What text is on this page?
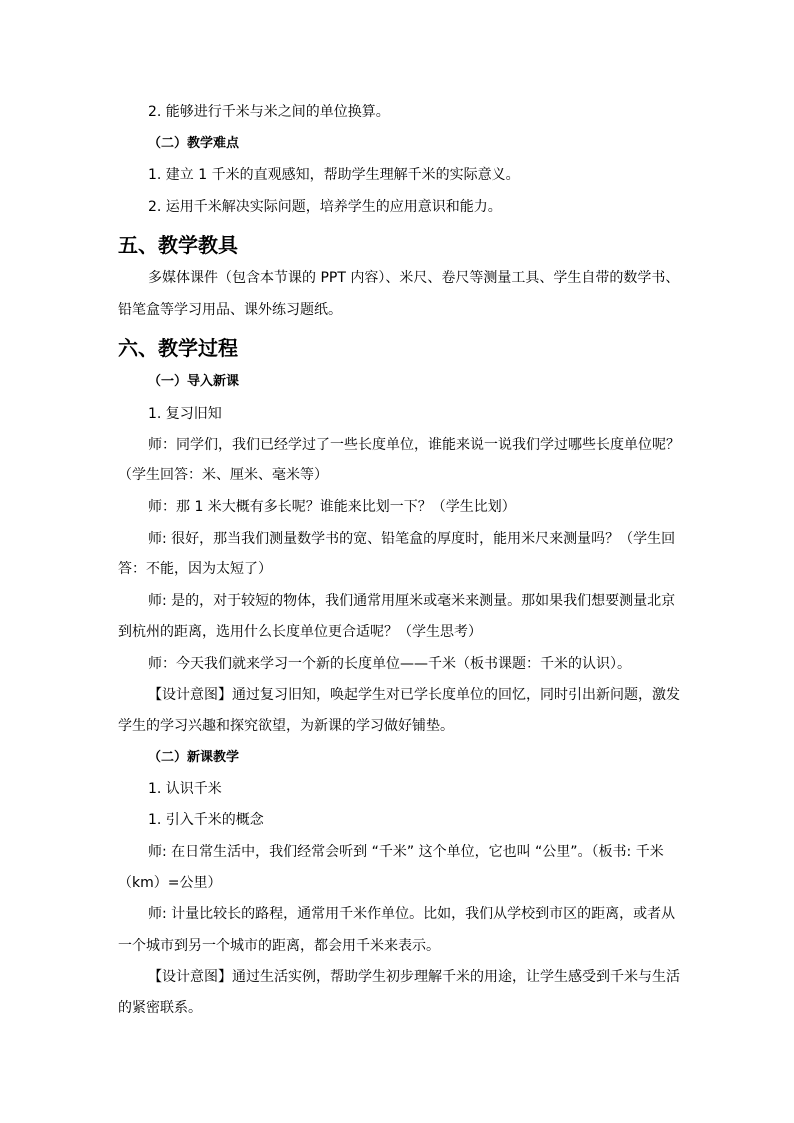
2. 能够进行千米与米之间的单位换算。
（二）教学难点
1. 建立 1 千米的直观感知，帮助学生理解千米的实际意义。
2. 运用千米解决实际问题，培养学生的应用意识和能力。
五、教学教具
多媒体课件（包含本节课的 PPT 内容）、米尺、卷尺等测量工具、学生自带的数学书、
铅笔盒等学习用品、课外练习题纸。
六、教学过程
（一）导入新课
1. 复习旧知
师：同学们，我们已经学过了一些长度单位，谁能来说一说我们学过哪些长度单位呢？
（学生回答：米、厘米、毫米等）
师：那 1 米大概有多长呢？谁能来比划一下？（学生比划）
师: 很好，那当我们测量数学书的宽、铅笔盒的厚度时，能用米尺来测量吗？（学生回
答：不能，因为太短了）
师: 是的，对于较短的物体，我们通常用厘米或毫米来测量。那如果我们想要测量北京
到杭州的距离，选用什么长度单位更合适呢？（学生思考）
师：今天我们就来学习一个新的长度单位——千米（板书课题：千米的认识）。
【设计意图】通过复习旧知，唤起学生对已学长度单位的回忆，同时引出新问题，激发
学生的学习兴趣和探究欲望，为新课的学习做好铺垫。
（二）新课教学
1. 认识千米
1. 引入千米的概念
师: 在日常生活中，我们经常会听到 “千米” 这个单位，它也叫 “公里”。（板书: 千米
（km）=公里）
师: 计量比较长的路程，通常用千米作单位。比如，我们从学校到市区的距离，或者从
一个城市到另一个城市的距离，都会用千米来表示。
【设计意图】通过生活实例，帮助学生初步理解千米的用途，让学生感受到千米与生活
的紧密联系。
